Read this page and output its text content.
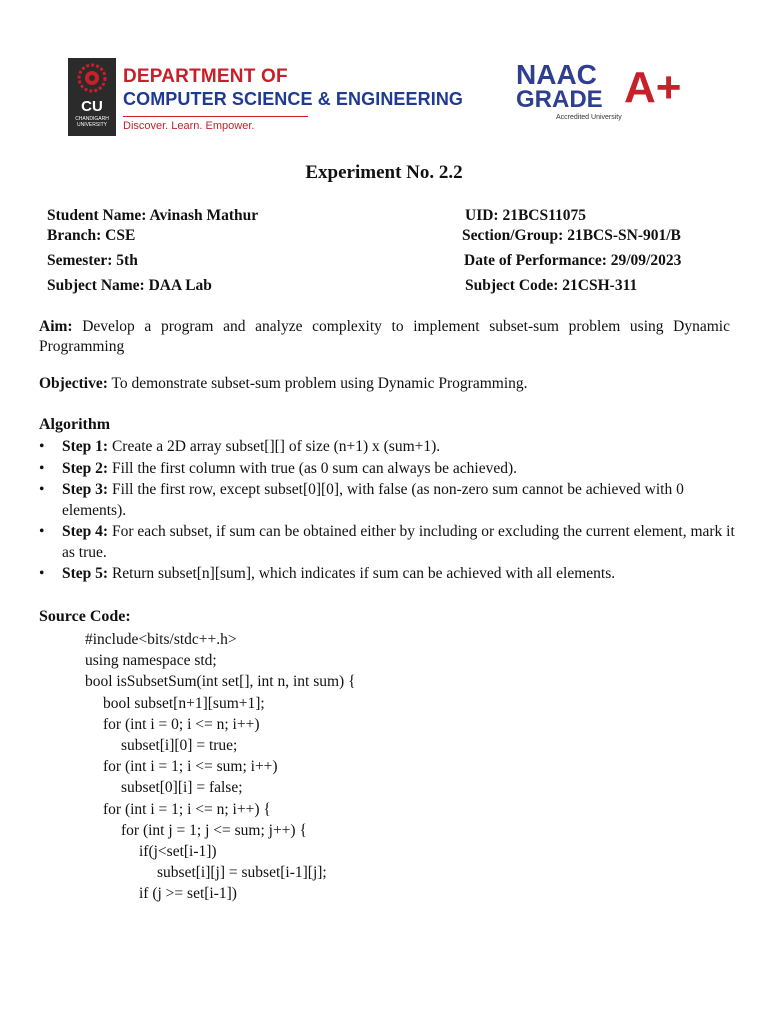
CU
CHANDIGARH UNIVERSITY
DEPARTMENT OF
COMPUTER SCIENCE & ENGINEERING
Discover. Learn. Empower.
NAAC
GRADE A+
Accredited University
Experiment No. 2.2
Student Name: Avinash Mathur	UID: 21BCS11075
Branch: CSE	Section/Group: 21BCS-SN-901/B
Semester: 5th	Date of Performance: 29/09/2023
Subject Name: DAA Lab	Subject Code: 21CSH-311
Aim: Develop a program and analyze complexity to implement subset-sum problem using Dynamic Programming
Objective: To demonstrate subset-sum problem using Dynamic Programming.
Algorithm
• Step 1: Create a 2D array subset[][] of size (n+1) x (sum+1).
• Step 2: Fill the first column with true (as 0 sum can always be achieved).
• Step 3: Fill the first row, except subset[0][0], with false (as non-zero sum cannot be achieved with 0 elements).
• Step 4: For each subset, if sum can be obtained either by including or excluding the current element, mark it as true.
• Step 5: Return subset[n][sum], which indicates if sum can be achieved with all elements.
Source Code:
#include<bits/stdc++.h>
using namespace std;
bool isSubsetSum(int set[], int n, int sum) {
bool subset[n+1][sum+1];
for (int i = 0; i <= n; i++)
subset[i][0] = true;
for (int i = 1; i <= sum; i++)
subset[0][i] = false;
for (int i = 1; i <= n; i++) {
for (int j = 1; j <= sum; j++) {
if(j<set[i-1])
subset[i][j] = subset[i-1][j];
if (j >= set[i-1])
